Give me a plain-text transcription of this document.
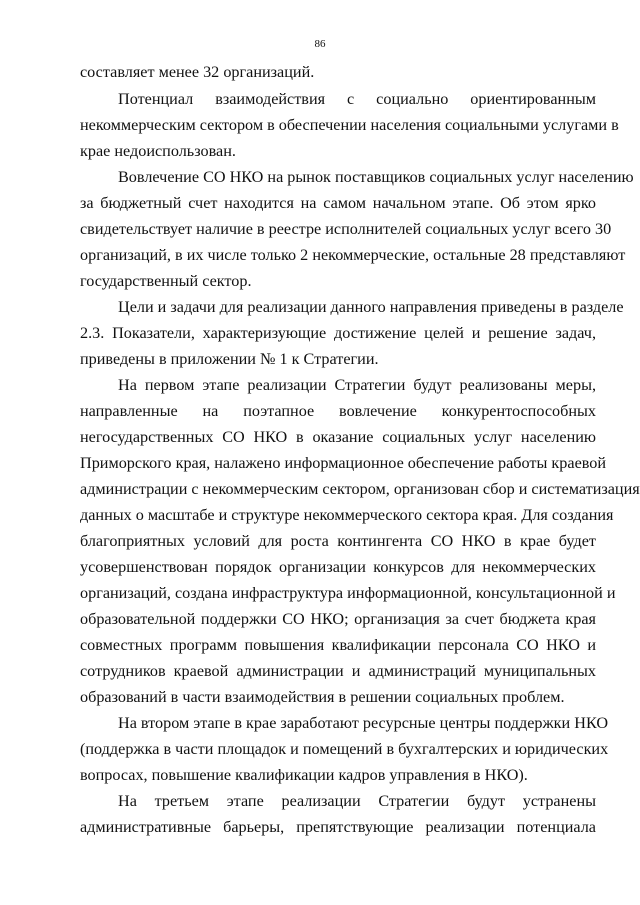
86
составляет менее 32 организаций.
Потенциал взаимодействия с социально ориентированным
некоммерческим сектором в обеспечении населения социальными услугами в
крае недоиспользован.
Вовлечение СО НКО на рынок поставщиков социальных услуг населению
за бюджетный счет находится на самом начальном этапе. Об этом ярко
свидетельствует наличие в реестре исполнителей социальных услуг всего 30
организаций, в их числе только 2 некоммерческие, остальные 28 представляют
государственный сектор.
Цели и задачи для реализации данного направления приведены в разделе
2.3. Показатели, характеризующие достижение целей и решение задач,
приведены в приложении № 1 к Стратегии.
На первом этапе реализации Стратегии будут реализованы меры,
направленные на поэтапное вовлечение конкурентоспособных
негосударственных СО НКО в оказание социальных услуг населению
Приморского края, налажено информационное обеспечение работы краевой
администрации с некоммерческим сектором, организован сбор и систематизация
данных о масштабе и структуре некоммерческого сектора края. Для создания
благоприятных условий для роста контингента СО НКО в крае будет
усовершенствован порядок организации конкурсов для некоммерческих
организаций, создана инфраструктура информационной, консультационной и
образовательной поддержки СО НКО; организация за счет бюджета края
совместных программ повышения квалификации персонала СО НКО и
сотрудников краевой администрации и администраций муниципальных
образований в части взаимодействия в решении социальных проблем.
На втором этапе в крае заработают ресурсные центры поддержки НКО
(поддержка в части площадок и помещений в бухгалтерских и юридических
вопросах, повышение квалификации кадров управления в НКО).
На третьем этапе реализации Стратегии будут устранены
административные барьеры, препятствующие реализации потенциала
